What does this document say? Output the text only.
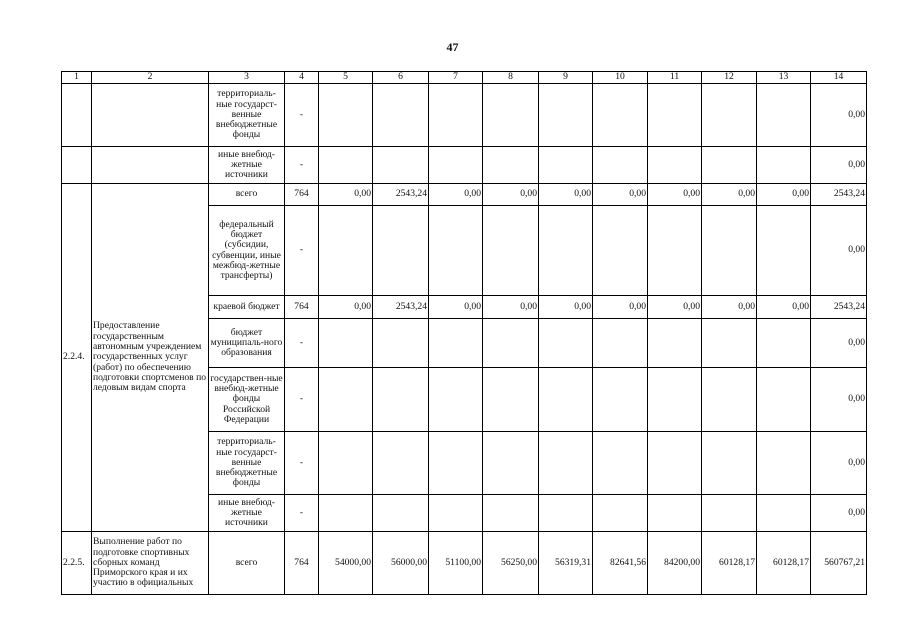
47
1	2	3	4	5	6	7	8	9	10	11	12	13	14
		территориаль-ные государст-венные внебюджетные фонды	-										0,00
		иные внебюд-жетные источники	-										0,00
2.2.4.	Предоставление государственным автономным учреждением государственных услуг (работ) по обеспечению подготовки спортсменов по ледовым видам спорта	всего	764	0,00	2543,24	0,00	0,00	0,00	0,00	0,00	0,00	0,00	2543,24
		федеральный бюджет (субсидии, субвенции, иные межбюд-жетные трансферты)	-										0,00
		краевой бюджет	764	0,00	2543,24	0,00	0,00	0,00	0,00	0,00	0,00	0,00	2543,24
		бюджет муниципаль-ного образования	-										0,00
		государствен-ные внебюд-жетные фонды Российской Федерации	-										0,00
		территориаль-ные государст-венные внебюджетные фонды	-										0,00
		иные внебюд-жетные источники	-										0,00
2.2.5.	Выполнение работ по подготовке спортивных сборных команд Приморского края и их участию в официальных	всего	764	54000,00	56000,00	51100,00	56250,00	56319,31	82641,56	84200,00	60128,17	60128,17	560767,21
